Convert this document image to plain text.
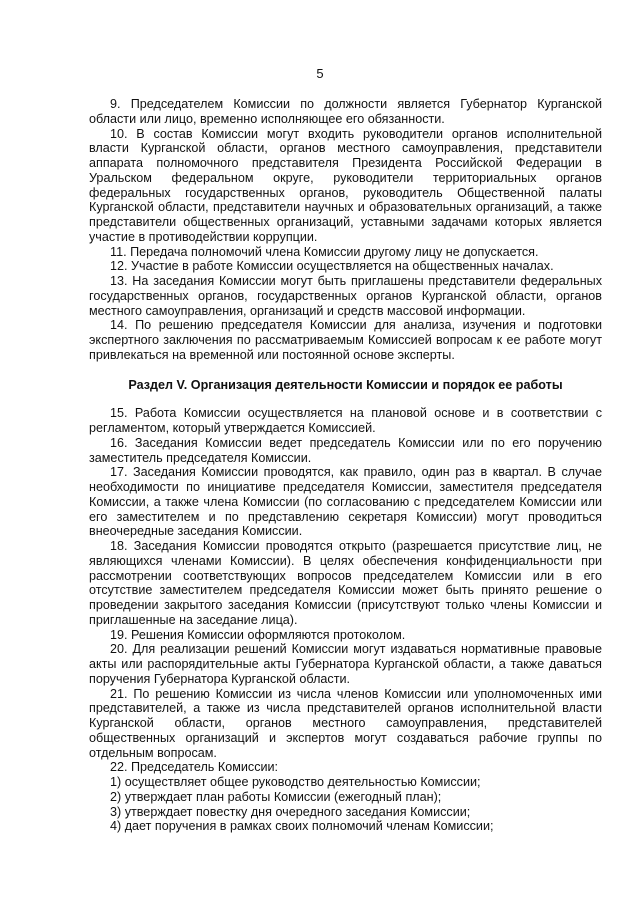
5

9. Председателем Комиссии по должности является Губернатор Курганской области или лицо, временно исполняющее его обязанности.

10. В состав Комиссии могут входить руководители органов исполнительной власти Курганской области, органов местного самоуправления, представители аппарата полномочного представителя Президента Российской Федерации в Уральском федеральном округе, руководители территориальных органов федеральных государственных органов, руководитель Общественной палаты Курганской области, представители научных и образовательных организаций, а также представители общественных организаций, уставными задачами которых является участие в противодействии коррупции.

11. Передача полномочий члена Комиссии другому лицу не допускается.

12. Участие в работе Комиссии осуществляется на общественных началах.

13. На заседания Комиссии могут быть приглашены представители федеральных государственных органов, государственных органов Курганской области, органов местного самоуправления, организаций и средств массовой информации.

14. По решению председателя Комиссии для анализа, изучения и подготовки экспертного заключения по рассматриваемым Комиссией вопросам к ее работе могут привлекаться на временной или постоянной основе эксперты.

Раздел V. Организация деятельности Комиссии и порядок ее работы

15. Работа Комиссии осуществляется на плановой основе и в соответствии с регламентом, который утверждается Комиссией.

16. Заседания Комиссии ведет председатель Комиссии или по его поручению заместитель председателя Комиссии.

17. Заседания Комиссии проводятся, как правило, один раз в квартал. В случае необходимости по инициативе председателя Комиссии, заместителя председателя Комиссии, а также члена Комиссии (по согласованию с председателем Комиссии или его заместителем и по представлению секретаря Комиссии) могут проводиться внеочередные заседания Комиссии.

18. Заседания Комиссии проводятся открыто (разрешается присутствие лиц, не являющихся членами Комиссии). В целях обеспечения конфиденциальности при рассмотрении соответствующих вопросов председателем Комиссии или в его отсутствие заместителем председателя Комиссии может быть принято решение о проведении закрытого заседания Комиссии (присутствуют только члены Комиссии и приглашенные на заседание лица).

19. Решения Комиссии оформляются протоколом.

20. Для реализации решений Комиссии могут издаваться нормативные правовые акты или распорядительные акты Губернатора Курганской области, а также даваться поручения Губернатора Курганской области.

21. По решению Комиссии из числа членов Комиссии или уполномоченных ими представителей, а также из числа представителей органов исполнительной власти Курганской области, органов местного самоуправления, представителей общественных организаций и экспертов могут создаваться рабочие группы по отдельным вопросам.

22. Председатель Комиссии:

1) осуществляет общее руководство деятельностью Комиссии;

2) утверждает план работы Комиссии (ежегодный план);

3) утверждает повестку дня очередного заседания Комиссии;

4) дает поручения в рамках своих полномочий членам Комиссии;
